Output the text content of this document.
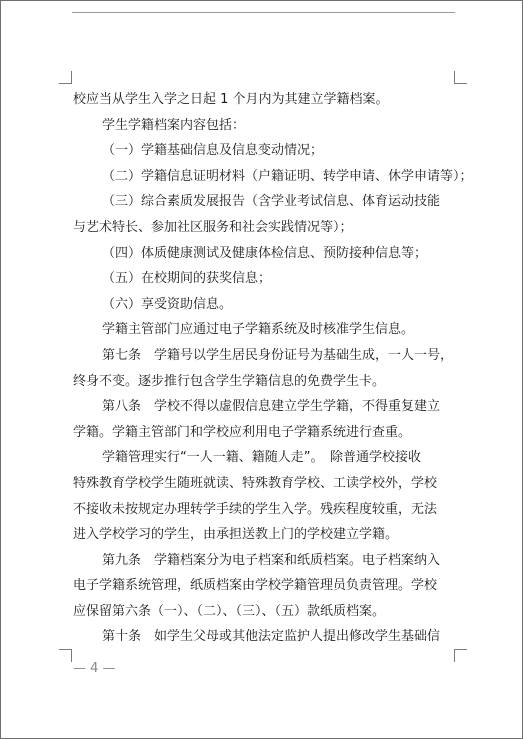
校应当从学生入学之日起 1 个月内为其建立学籍档案。
学生学籍档案内容包括：
（一）学籍基础信息及信息变动情况；
（二）学籍信息证明材料（户籍证明、转学申请、休学申请等）；
（三）综合素质发展报告（含学业考试信息、体育运动技能
与艺术特长、参加社区服务和社会实践情况等）；
（四）体质健康测试及健康体检信息、预防接种信息等；
（五）在校期间的获奖信息；
（六）享受资助信息。
学籍主管部门应通过电子学籍系统及时核准学生信息。
第七条　学籍号以学生居民身份证号为基础生成，一人一号，
终身不变。逐步推行包含学生学籍信息的免费学生卡。
第八条　学校不得以虚假信息建立学生学籍，不得重复建立
学籍。学籍主管部门和学校应利用电子学籍系统进行查重。
学籍管理实行“一人一籍、籍随人走”。　除普通学校接收
特殊教育学校学生随班就读、特殊教育学校、工读学校外，学校
不接收未按规定办理转学手续的学生入学。残疾程度较重，无法
进入学校学习的学生，由承担送教上门的学校建立学籍。
第九条　学籍档案分为电子档案和纸质档案。电子档案纳入
电子学籍系统管理，纸质档案由学校学籍管理员负责管理。学校
应保留第六条（一）、（二）、（三）、（五）款纸质档案。
第十条　如学生父母或其他法定监护人提出修改学生基础信
— 4 —
